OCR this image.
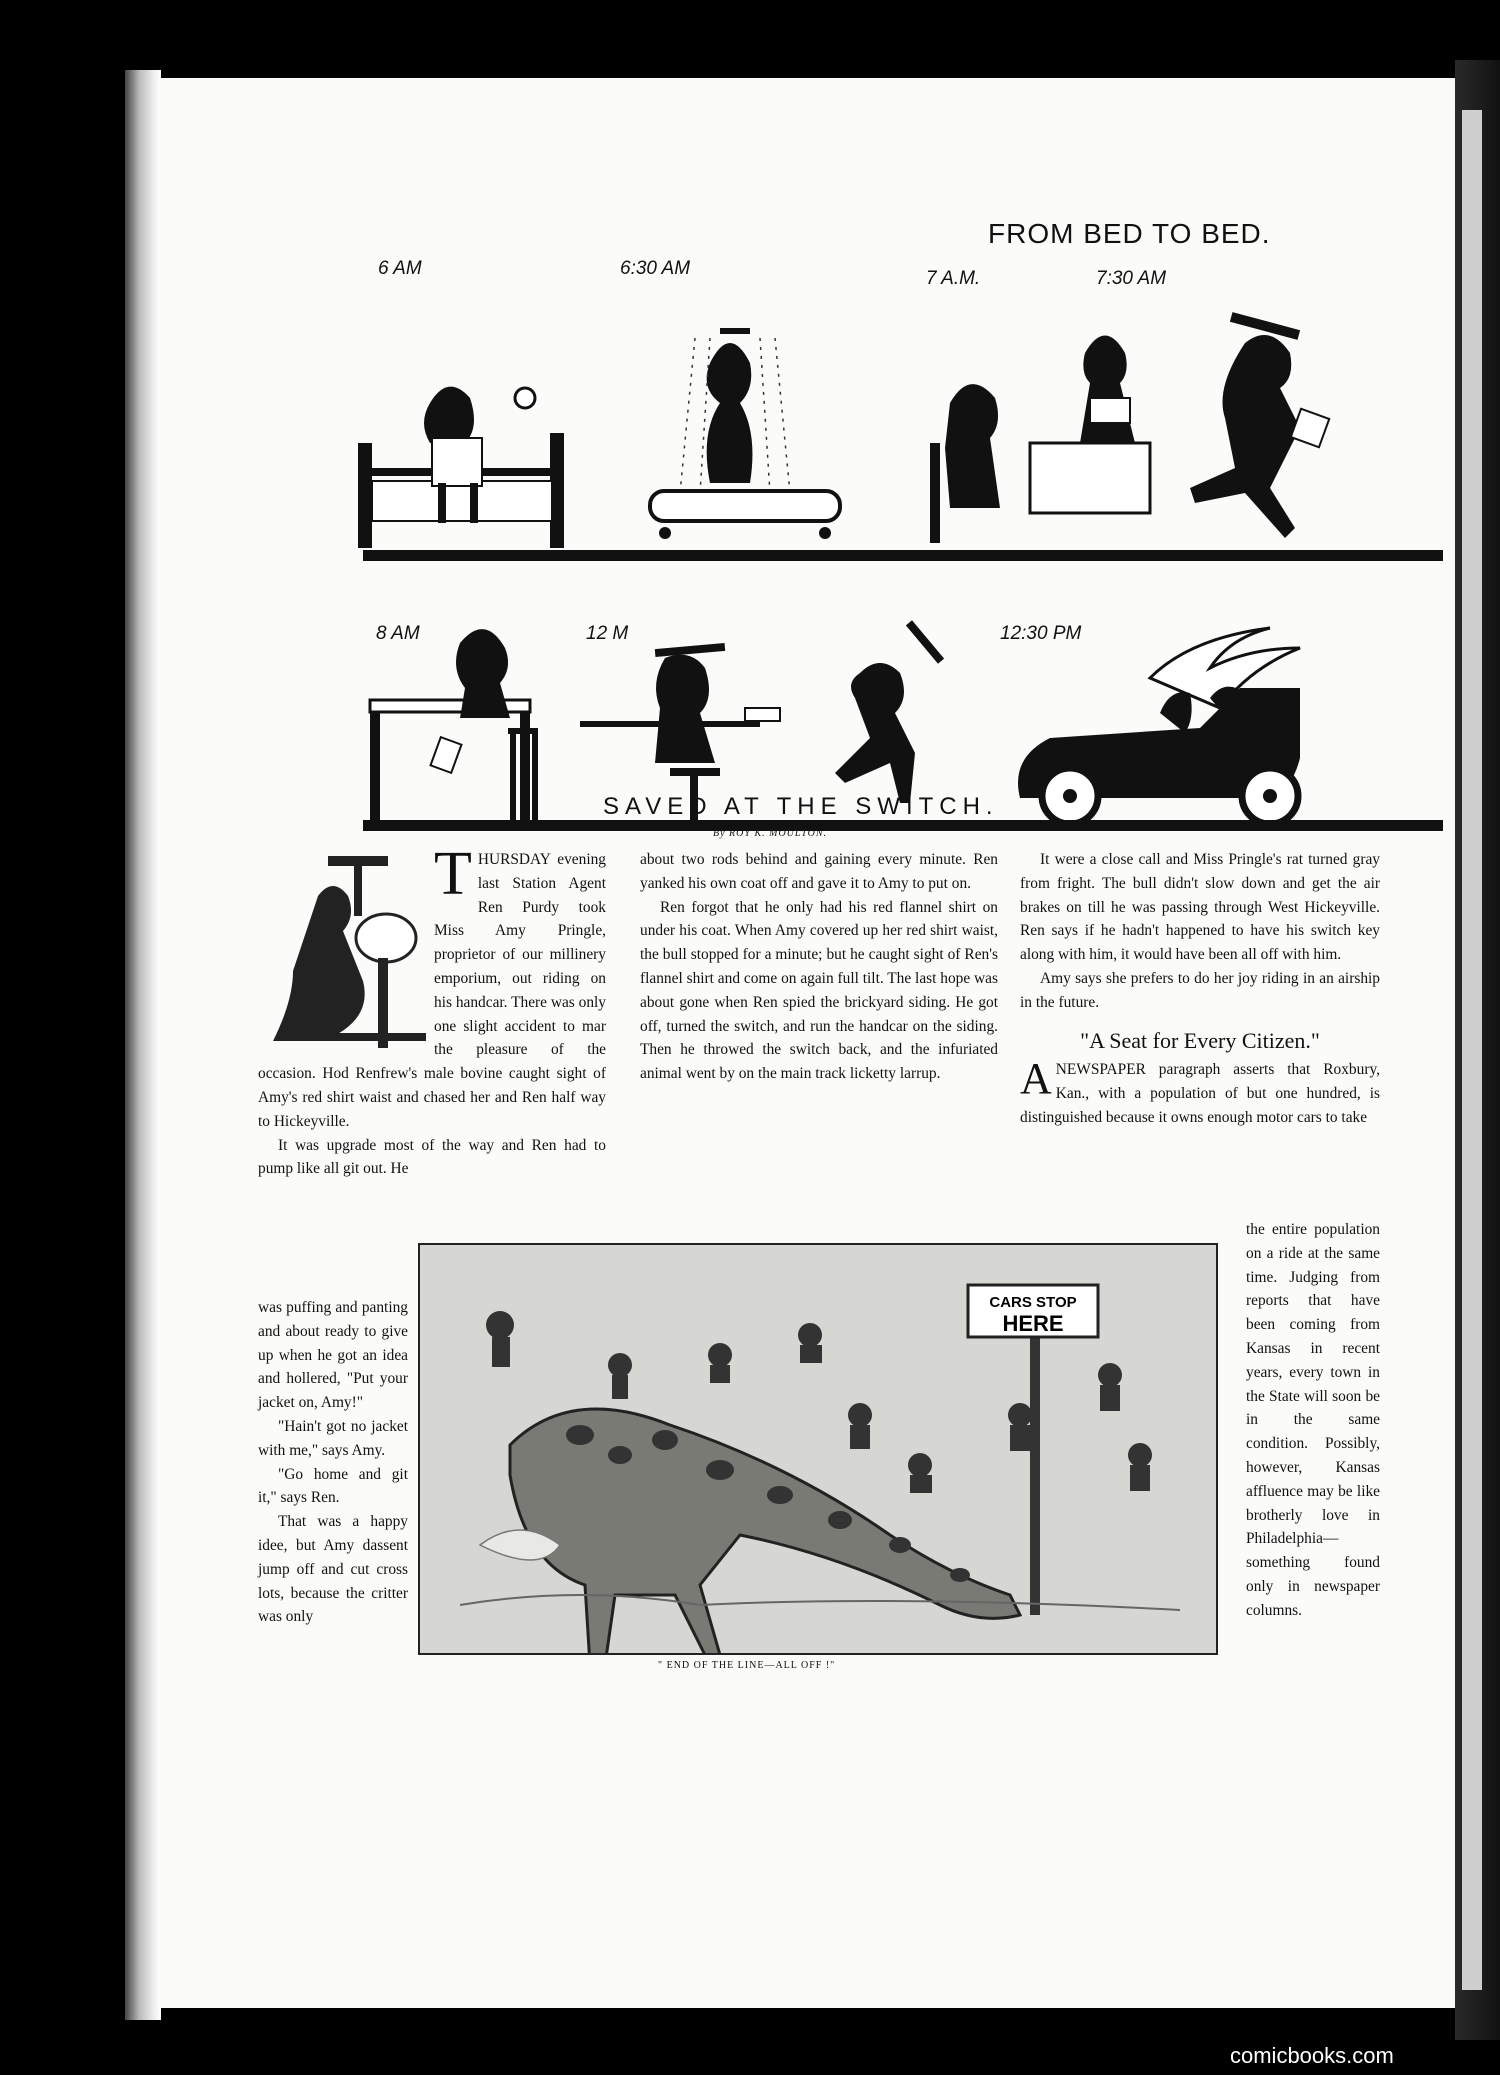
FROM BED TO BED.
6 AM	6:30 AM	7 A.M.	7:30 AM
8 AM	12 M	12:30 PM
SAVED AT THE SWITCH.
By ROY K. MOULTON.

THURSDAY evening last Station Agent Ren Purdy took Miss Amy Pringle, proprietor of our millinery emporium, out riding on his handcar. There was only one slight accident to mar the pleasure of the occasion. Hod Renfrew's male bovine caught sight of Amy's red shirt waist and chased her and Ren half way to Hickeyville.

It was upgrade most of the way and Ren had to pump like all git out. He

was puffing and panting and about ready to give up when he got an idea and hollered, "Put your jacket on, Amy!"

"Hain't got no jacket with me," says Amy.

"Go home and git it," says Ren.

That was a happy idee, but Amy dassent jump off and cut cross lots, because the critter was only

about two rods behind and gaining every minute. Ren yanked his own coat off and gave it to Amy to put on.

Ren forgot that he only had his red flannel shirt on under his coat. When Amy covered up her red shirt waist, the bull stopped for a minute; but he caught sight of Ren's flannel shirt and come on again full tilt. The last hope was about gone when Ren spied the brickyard siding. He got off, turned the switch, and run the handcar on the siding. Then he throwed the switch back, and the infuriated animal went by on the main track licketty larrup.

It were a close call and Miss Pringle's rat turned gray from fright. The bull didn't slow down and get the air brakes on till he was passing through West Hickeyville. Ren says if he hadn't happened to have his switch key along with him, it would have been all off with him.

Amy says she prefers to do her joy riding in an airship in the future.

"A Seat for Every Citizen."

ANEWSPAPER paragraph asserts that Roxbury, Kan., with a population of but one hundred, is distinguished because it owns enough motor cars to take

the entire population on a ride at the same time. Judging from reports that have been coming from Kansas in recent years, every town in the State will soon be in the same condition. Possibly, however, Kansas affluence may be like brotherly love in Philadelphia—something found only in newspaper columns.

CARS STOP
HERE
" END OF THE LINE—ALL OFF !"
comicbooks.com
